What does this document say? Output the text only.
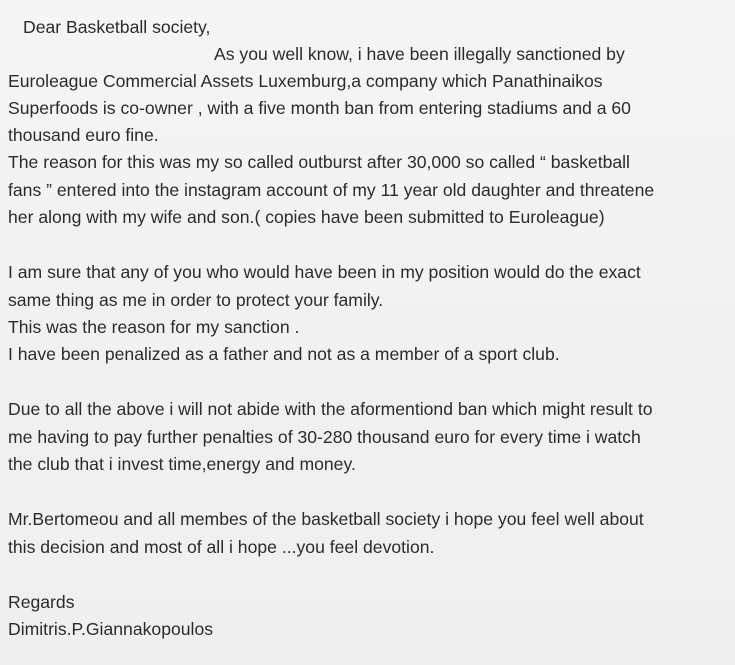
Dear Basketball society,
As you well know, i have been illegally sanctioned by
Euroleague Commercial Assets Luxemburg,a company which Panathinaikos
Superfoods is co-owner , with a five month ban from entering stadiums and a 60
thousand euro fine.
The reason for this was my so called outburst after 30,000 so called “ basketball
fans ” entered into the instagram account of my 11 year old daughter and threatene
her along with my wife and son.( copies have been submitted to Euroleague)
I am sure that any of you who would have been in my position would do the exact
same thing as me in order to protect your family.
This was the reason for my sanction .
I have been penalized as a father and not as a member of a sport club.
Due to all the above i will not abide with the aformentiond ban which might result to
me having to pay further penalties of 30-280 thousand euro for every time i watch
the club that i invest time,energy and money.
Mr.Bertomeou and all membes of the basketball society i hope you feel well about
this decision and most of all i hope ...you feel devotion.
Regards
Dimitris.P.Giannakopoulos
